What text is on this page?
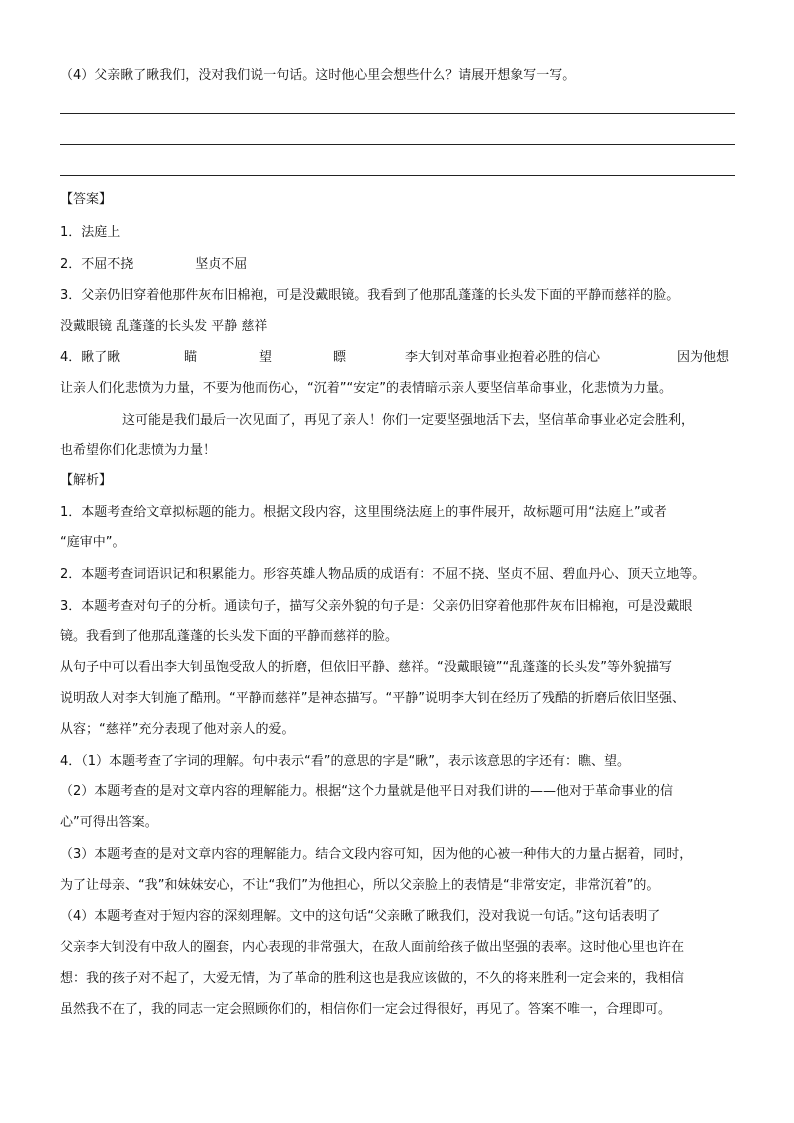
（4）父亲瞅了瞅我们，没对我们说一句话。这时他心里会想些什么？请展开想象写一写。
【答案】
1．法庭上
2．不屈不挠	坚贞不屈
3．父亲仍旧穿着他那件灰布旧棉袍，可是没戴眼镜。我看到了他那乱蓬蓬的长头发下面的平静而慈祥的脸。
没戴眼镜 乱蓬蓬的长头发 平静 慈祥
4．瞅了瞅	瞄	望	瞟	李大钊对革命事业抱着必胜的信心	因为他想
让亲人们化悲愤为力量，不要为他而伤心，“沉着”“安定”的表情暗示亲人要坚信革命事业，化悲愤为力量。
这可能是我们最后一次见面了，再见了亲人！你们一定要坚强地活下去，坚信革命事业必定会胜利，
也希望你们化悲愤为力量！
【解析】
1．本题考查给文章拟标题的能力。根据文段内容，这里围绕法庭上的事件展开，故标题可用“法庭上”或者
“庭审中”。
2．本题考查词语识记和积累能力。形容英雄人物品质的成语有：不屈不挠、坚贞不屈、碧血丹心、顶天立地等。
3．本题考查对句子的分析。通读句子，描写父亲外貌的句子是：父亲仍旧穿着他那件灰布旧棉袍，可是没戴眼
镜。我看到了他那乱蓬蓬的长头发下面的平静而慈祥的脸。
从句子中可以看出李大钊虽饱受敌人的折磨，但依旧平静、慈祥。“没戴眼镜”“乱蓬蓬的长头发”等外貌描写
说明敌人对李大钊施了酷刑。“平静而慈祥”是神态描写。“平静”说明李大钊在经历了残酷的折磨后依旧坚强、
从容；“慈祥”充分表现了他对亲人的爱。
4．（1）本题考查了字词的理解。句中表示“看”的意思的字是“瞅”，表示该意思的字还有：瞧、望。
（2）本题考查的是对文章内容的理解能力。根据“这个力量就是他平日对我们讲的——他对于革命事业的信
心”可得出答案。
（3）本题考查的是对文章内容的理解能力。结合文段内容可知，因为他的心被一种伟大的力量占据着，同时，
为了让母亲、“我”和妹妹安心，不让“我们”为他担心，所以父亲脸上的表情是“非常安定，非常沉着”的。
（4）本题考查对于短内容的深刻理解。文中的这句话“父亲瞅了瞅我们，没对我说一句话。”这句话表明了
父亲李大钊没有中敌人的圈套，内心表现的非常强大，在敌人面前给孩子做出坚强的表率。这时他心里也许在
想：我的孩子对不起了，大爱无情，为了革命的胜利这也是我应该做的，不久的将来胜利一定会来的，我相信
虽然我不在了，我的同志一定会照顾你们的，相信你们一定会过得很好，再见了。答案不唯一，合理即可。
